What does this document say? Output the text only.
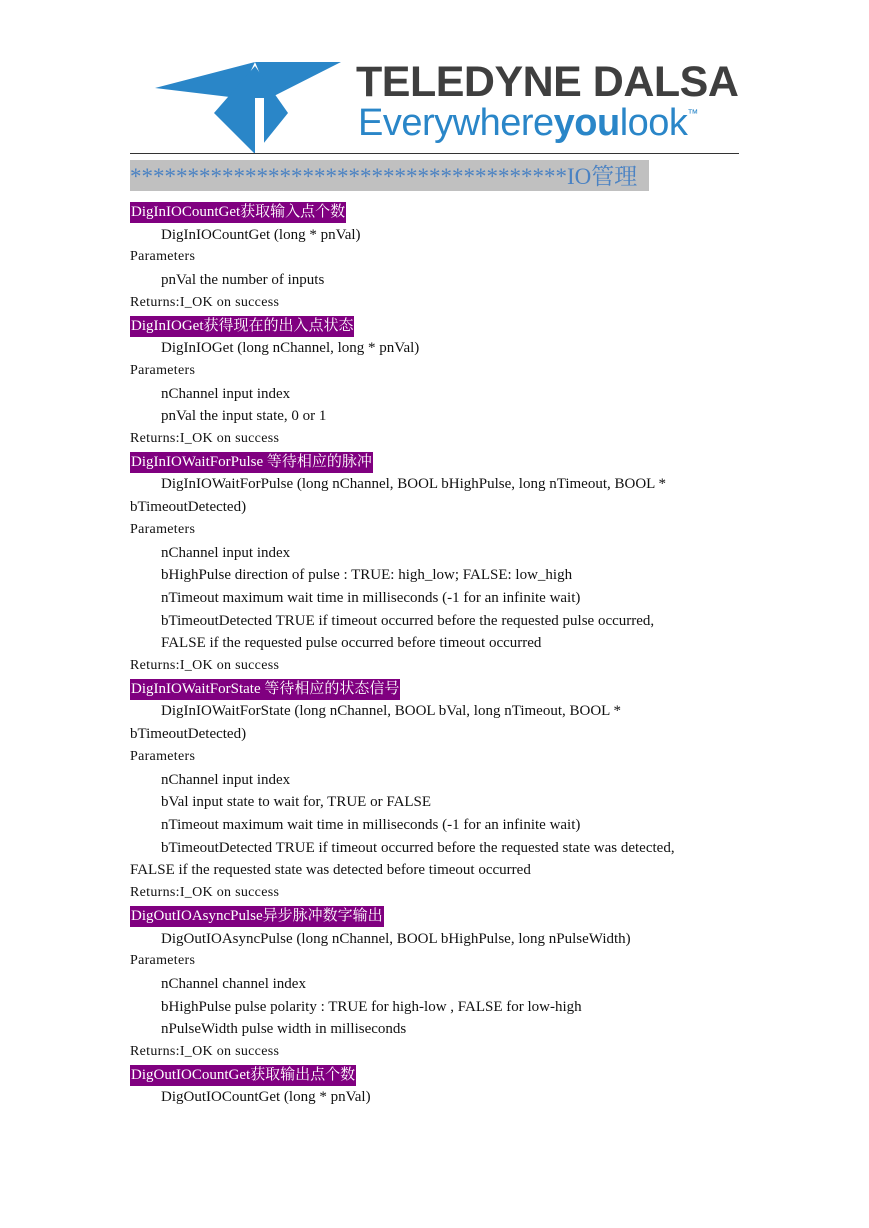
TELEDYNE DALSA
Everywhereyoulook™
**************************************IO管理
DigInIOCountGet获取输入点个数
DigInIOCountGet (long * pnVal)
Parameters
pnVal the number of inputs
Returns:I_OK on success
DigInIOGet获得现在的出入点状态
DigInIOGet (long nChannel, long * pnVal)
Parameters
nChannel input index
pnVal the input state, 0 or 1
Returns:I_OK on success
DigInIOWaitForPulse 等待相应的脉冲
DigInIOWaitForPulse (long nChannel, BOOL bHighPulse, long nTimeout, BOOL *
bTimeoutDetected)
Parameters
nChannel input index
bHighPulse direction of pulse : TRUE: high_low; FALSE: low_high
nTimeout maximum wait time in milliseconds (-1 for an infinite wait)
bTimeoutDetected TRUE if timeout occurred before the requested pulse occurred,
FALSE if the requested pulse occurred before timeout occurred
Returns:I_OK on success
DigInIOWaitForState 等待相应的状态信号
DigInIOWaitForState (long nChannel, BOOL bVal, long nTimeout, BOOL *
bTimeoutDetected)
Parameters
nChannel input index
bVal input state to wait for, TRUE or FALSE
nTimeout maximum wait time in milliseconds (-1 for an infinite wait)
bTimeoutDetected TRUE if timeout occurred before the requested state was detected,
FALSE if the requested state was detected before timeout occurred
Returns:I_OK on success
DigOutIOAsyncPulse异步脉冲数字输出
DigOutIOAsyncPulse (long nChannel, BOOL bHighPulse, long nPulseWidth)
Parameters
nChannel channel index
bHighPulse pulse polarity : TRUE for high-low , FALSE for low-high
nPulseWidth pulse width in milliseconds
Returns:I_OK on success
DigOutIOCountGet获取输出点个数
DigOutIOCountGet (long * pnVal)
